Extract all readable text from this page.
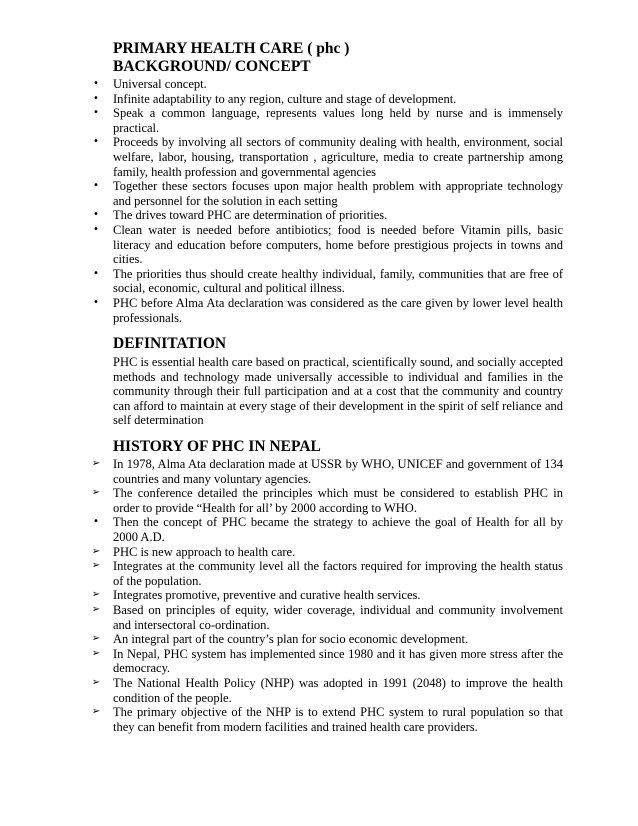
PRIMARY HEALTH CARE ( phc )
BACKGROUND/ CONCEPT
•	Universal concept.
•	Infinite adaptability to any region, culture and stage of development.
•	Speak a common language, represents values long held by nurse and is immensely practical.
•	Proceeds by involving all sectors of community dealing with health, environment, social welfare, labor, housing, transportation , agriculture, media to create partnership among family, health profession and governmental agencies
•	Together these sectors focuses upon major health problem with appropriate technology and personnel for the solution in each setting
•	The drives toward PHC are determination of priorities.
•	Clean water is needed before antibiotics; food is needed before Vitamin pills, basic literacy and education before computers, home before prestigious projects in towns and cities.
•	The priorities thus should create healthy individual, family, communities that are free of social, economic, cultural and political illness.
•	PHC before Alma Ata declaration was considered as the care given by lower level health professionals.
DEFINITATION

PHC is essential health care based on practical, scientifically sound, and socially accepted methods and technology made universally accessible to individual and families in the community through their full participation and at a cost that the community and country can afford to maintain at every stage of their development in the spirit of self reliance and self determination

HISTORY OF PHC IN NEPAL
➢ In 1978, Alma Ata declaration made at USSR by WHO, UNICEF and government of 134 countries and many voluntary agencies.
➢ The conference detailed the principles which must be considered to establish PHC in order to provide “Health for all’ by 2000 according to WHO.
•	Then the concept of PHC became the strategy to achieve the goal of Health for all by 2000 A.D.
➢ PHC is new approach to health care.
➢ Integrates at the community level all the factors required for improving the health status of the population.
➢ Integrates promotive, preventive and curative health services.
➢ Based on principles of equity, wider coverage, individual and community involvement and intersectoral co-ordination.
➢ An integral part of the country’s plan for socio economic development.
➢ In Nepal, PHC system has implemented since 1980 and it has given more stress after the democracy.
➢ The National Health Policy (NHP) was adopted in 1991 (2048) to improve the health condition of the people.
➢ The primary objective of the NHP is to extend PHC system to rural population so that they can benefit from modern facilities and trained health care providers.
